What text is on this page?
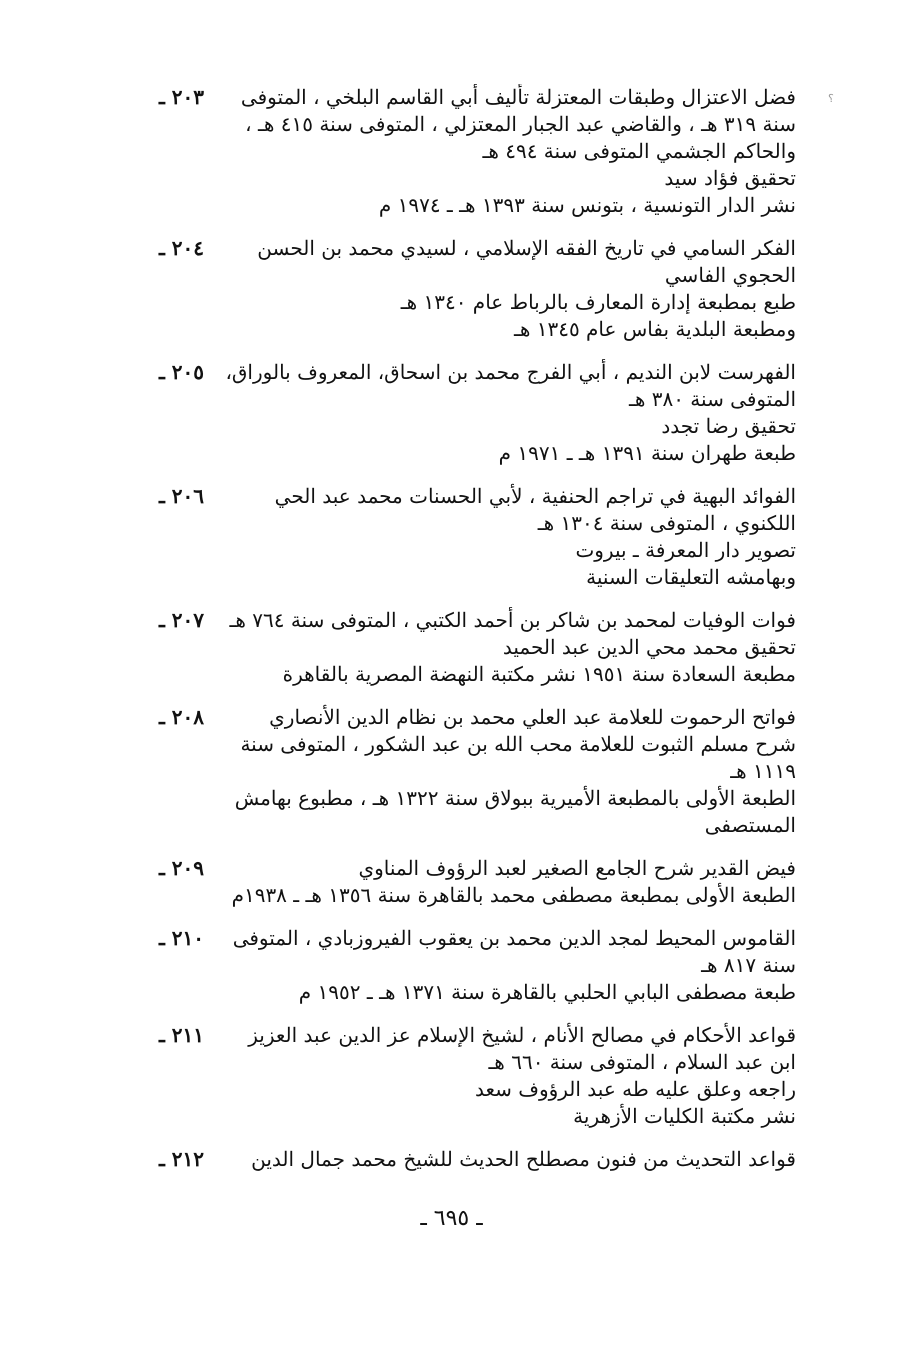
؟
٢٠٣ ـ	فضل الاعتزال وطبقات المعتزلة تأليف أبي القاسم البلخي ، المتوفى
سنة ٣١٩ هـ ، والقاضي عبد الجبار المعتزلي ، المتوفى سنة ٤١٥ هـ ،
والحاكم الجشمي المتوفى سنة ٤٩٤ هـ
تحقيق فؤاد سيد
نشر الدار التونسية ، بتونس سنة ١٣٩٣ هـ ـ ١٩٧٤ م
٢٠٤ ـ	الفكر السامي في تاريخ الفقه الإسلامي ، لسيدي محمد بن الحسن
الحجوي الفاسي
طبع بمطبعة إدارة المعارف بالرباط عام ١٣٤٠ هـ
ومطبعة البلدية بفاس عام ١٣٤٥ هـ
٢٠٥ ـ	الفهرست لابن النديم ، أبي الفرج محمد بن اسحاق، المعروف بالوراق،
المتوفى سنة ٣٨٠ هـ
تحقيق رضا تجدد
طبعة طهران سنة ١٣٩١ هـ ـ ١٩٧١ م
٢٠٦ ـ	الفوائد البهية في تراجم الحنفية ، لأبي الحسنات محمد عبد الحي
اللكنوي ، المتوفى سنة ١٣٠٤ هـ
تصوير دار المعرفة ـ بيروت
وبهامشه التعليقات السنية
٢٠٧ ـ	فوات الوفيات لمحمد بن شاكر بن أحمد الكتبي ، المتوفى سنة ٧٦٤ هـ
تحقيق محمد محي الدين عبد الحميد
مطبعة السعادة سنة ١٩٥١ نشر مكتبة النهضة المصرية بالقاهرة
٢٠٨ ـ	فواتح الرحموت للعلامة عبد العلي محمد بن نظام الدين الأنصاري
شرح مسلم الثبوت للعلامة محب الله بن عبد الشكور ، المتوفى سنة
١١١٩ هـ
الطبعة الأولى بالمطبعة الأميرية ببولاق سنة ١٣٢٢ هـ ، مطبوع بهامش
المستصفى
٢٠٩ ـ	فيض القدير شرح الجامع الصغير لعبد الرؤوف المناوي
الطبعة الأولى بمطبعة مصطفى محمد بالقاهرة سنة ١٣٥٦ هـ ـ ١٩٣٨م
٢١٠ ـ	القاموس المحيط لمجد الدين محمد بن يعقوب الفيروزبادي ، المتوفى
سنة ٨١٧ هـ
طبعة مصطفى البابي الحلبي بالقاهرة سنة ١٣٧١ هـ ـ ١٩٥٢ م
٢١١ ـ	قواعد الأحكام في مصالح الأنام ، لشيخ الإسلام عز الدين عبد العزيز
ابن عبد السلام ، المتوفى سنة ٦٦٠ هـ
راجعه وعلق عليه طه عبد الرؤوف سعد
نشر مكتبة الكليات الأزهرية
٢١٢ ـ	قواعد التحديث من فنون مصطلح الحديث للشيخ محمد جمال الدين
ـ ٦٩٥ ـ
